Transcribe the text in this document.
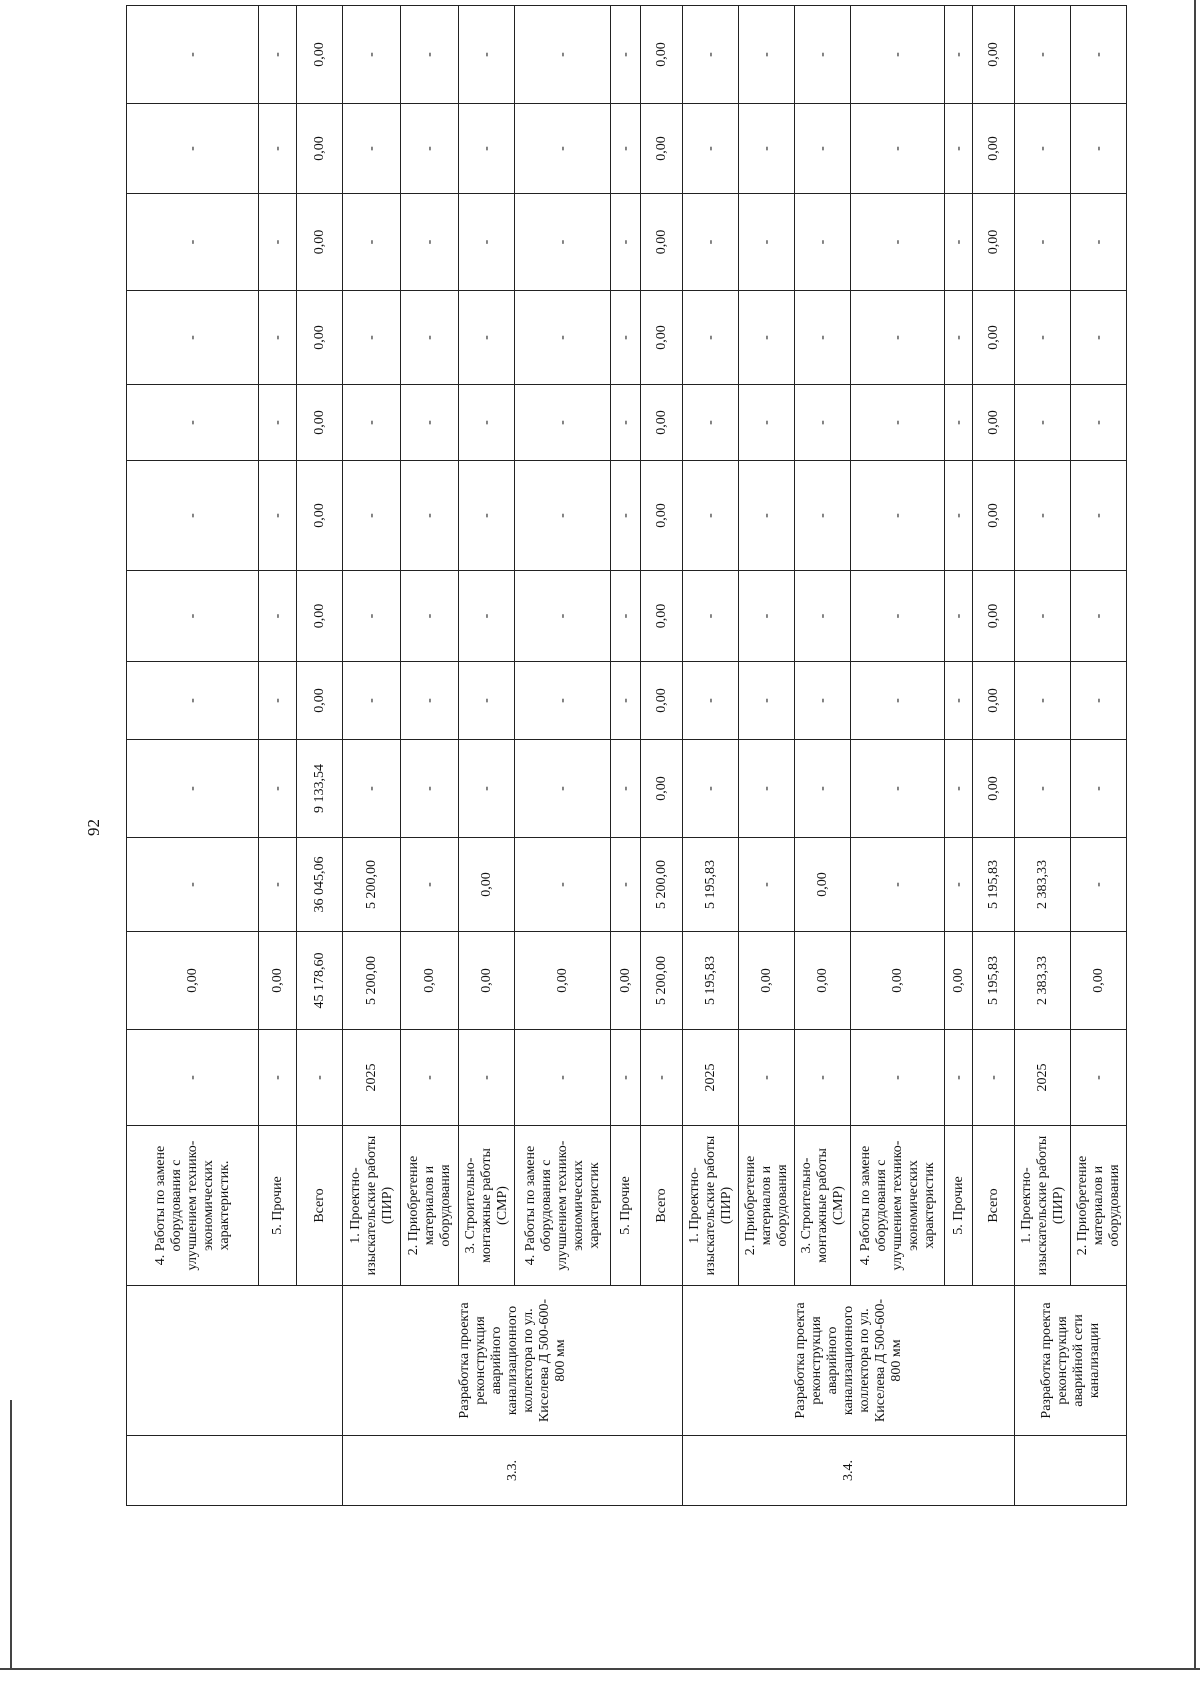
92
		4. Работы по замене оборудования с улучшением технико-экономических характеристик.	-	0,00	-	-	-	-	-	-	-	-	-	-
		5. Прочие	-	0,00	-	-	-	-	-	-	-	-	-	-
		Всего	-	45 178,60	36 045,06	9 133,54	0,00	0,00	0,00	0,00	0,00	0,00	0,00	0,00
3.3.	Разработка проекта реконструкция аварийного канализационного коллектора по ул. Киселева Д 500-600-800 мм	1. Проектно-изыскательские работы (ПИР)	2025	5 200,00	5 200,00	-	-	-	-	-	-	-	-	-
		2. Приобретение материалов и оборудования	-	0,00	-	-	-	-	-	-	-	-	-	-
		3. Строительно-монтажные работы (СМР)	-	0,00	0,00	-	-	-	-	-	-	-	-	-
		4. Работы по замене оборудования с улучшением технико-экономических характеристик	-	0,00	-	-	-	-	-	-	-	-	-	-
		5. Прочие	-	0,00	-	-	-	-	-	-	-	-	-	-
		Всего	-	5 200,00	5 200,00	0,00	0,00	0,00	0,00	0,00	0,00	0,00	0,00	0,00
3.4.	Разработка проекта реконструкция аварийного канализационного коллектора по ул. Киселева Д 500-600-800 мм	1. Проектно-изыскательские работы (ПИР)	2025	5 195,83	5 195,83	-	-	-	-	-	-	-	-	-
		2. Приобретение материалов и оборудования	-	0,00	-	-	-	-	-	-	-	-	-	-
		3. Строительно-монтажные работы (СМР)	-	0,00	0,00	-	-	-	-	-	-	-	-	-
		4. Работы по замене оборудования с улучшением технико-экономических характеристик	-	0,00	-	-	-	-	-	-	-	-	-	-
		5. Прочие	-	0,00	-	-	-	-	-	-	-	-	-	-
		Всего	-	5 195,83	5 195,83	0,00	0,00	0,00	0,00	0,00	0,00	0,00	0,00	0,00
	Разработка проекта реконструкция аварийной сети канализации	1. Проектно-изыскательские работы (ПИР)	2025	2 383,33	2 383,33	-	-	-	-	-	-	-	-	-
		2. Приобретение материалов и оборудования	-	0,00	-	-	-	-	-	-	-	-	-	-
